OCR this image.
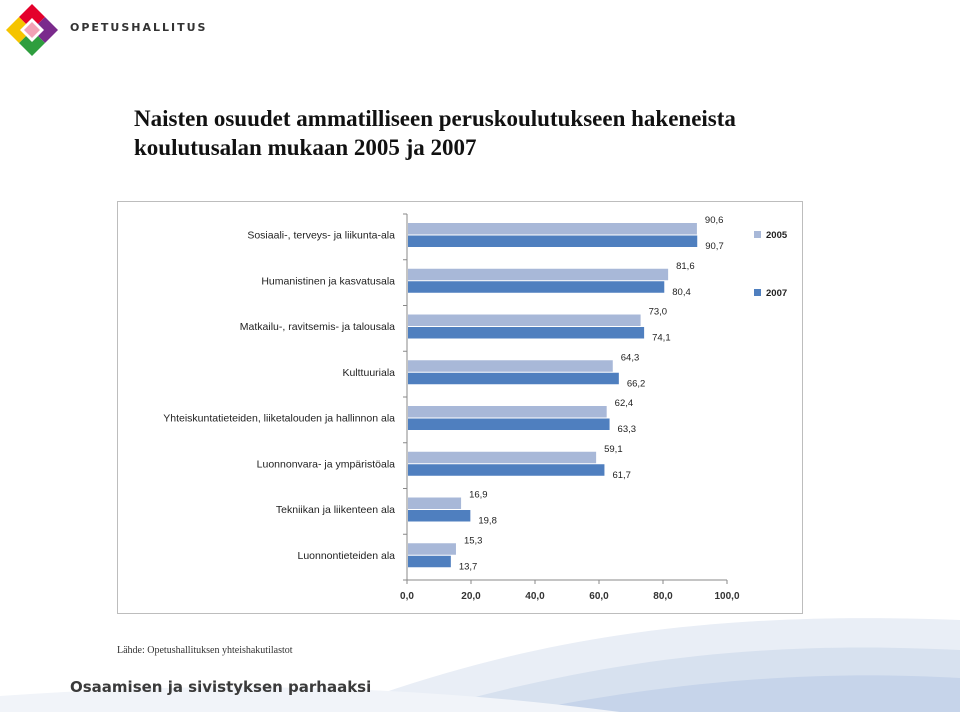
OPETUSHALLITUS
Naisten osuudet ammatilliseen peruskoulutukseen hakeneista
koulutusalan mukaan 2005 ja 2007
0,0	20,0	40,0	60,0	80,0	100,0
Sosiaali-, terveys- ja liikunta-ala
90,6
90,7
Humanistinen ja kasvatusala
81,6
80,4
Matkailu-, ravitsemis- ja talousala
73,0
74,1
Kulttuuriala
64,3
66,2
Yhteiskuntatieteiden, liiketalouden ja hallinnon ala
62,4
63,3
Luonnonvara- ja ympäristöala
59,1
61,7
Tekniikan ja liikenteen ala
16,9
19,8
Luonnontieteiden ala
15,3
13,7
2005
2007
Lähde: Opetushallituksen yhteishakutilastot
Osaamisen ja sivistyksen parhaaksi
